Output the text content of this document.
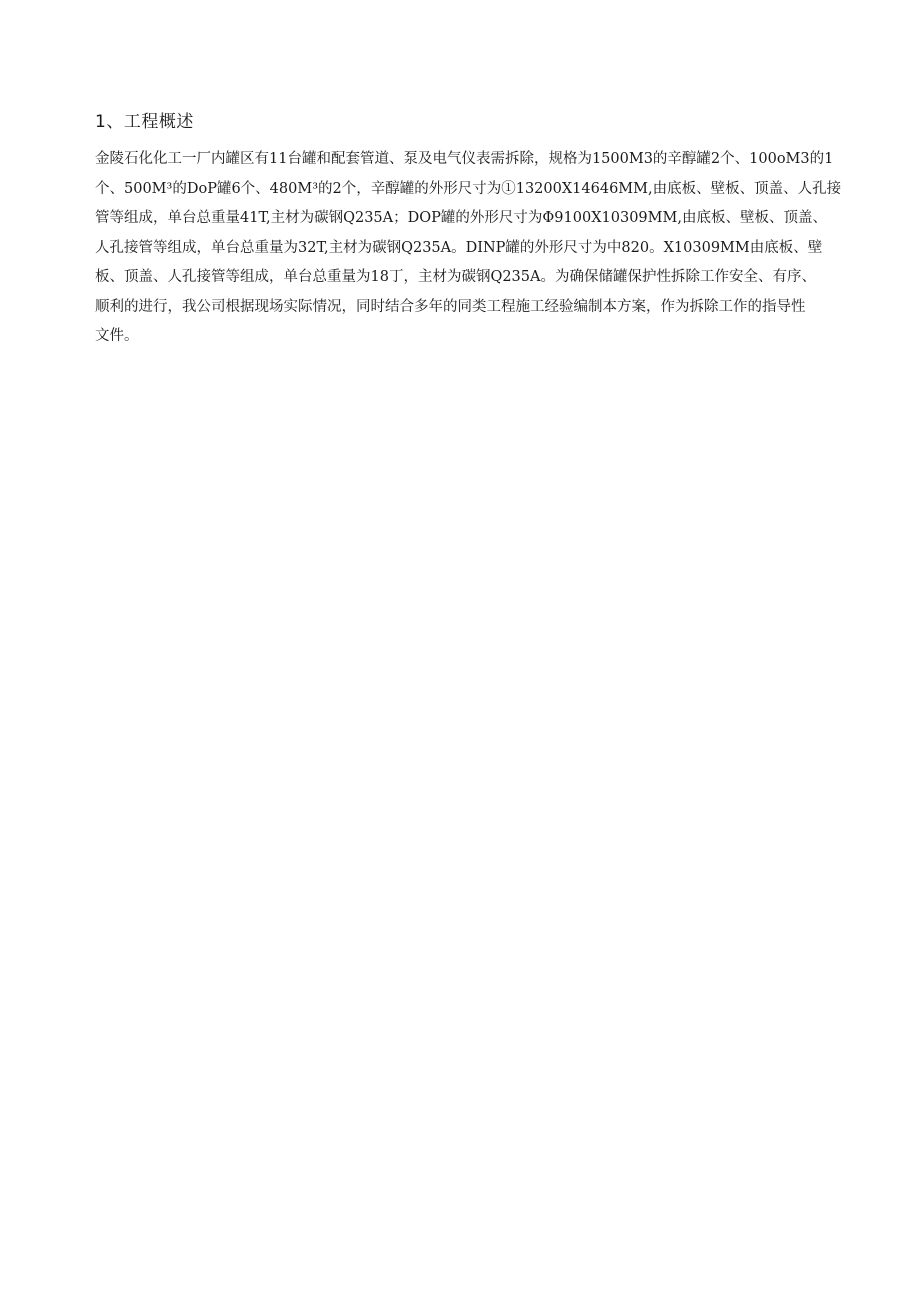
1、工程概述

金陵石化化工一厂内罐区有11台罐和配套管道、泵及电气仪表需拆除，规格为1500M3的辛醇罐2个、100oM3的1
个、500M³的DoP罐6个、480M³的2个，辛醇罐的外形尺寸为①13200X14646MM,由底板、壁板、顶盖、人孔接
管等组成，单台总重量41T,主材为碳钢Q235A；DOP罐的外形尺寸为Φ9100X10309MM,由底板、壁板、顶盖、
人孔接管等组成，单台总重量为32T,主材为碳钢Q235A。DINP罐的外形尺寸为中820。X10309MM由底板、壁
板、顶盖、人孔接管等组成，单台总重量为18丁，主材为碳钢Q235A。为确保储罐保护性拆除工作安全、有序、
顺利的进行，我公司根据现场实际情况，同时结合多年的同类工程施工经验编制本方案，作为拆除工作的指导性
文件。
